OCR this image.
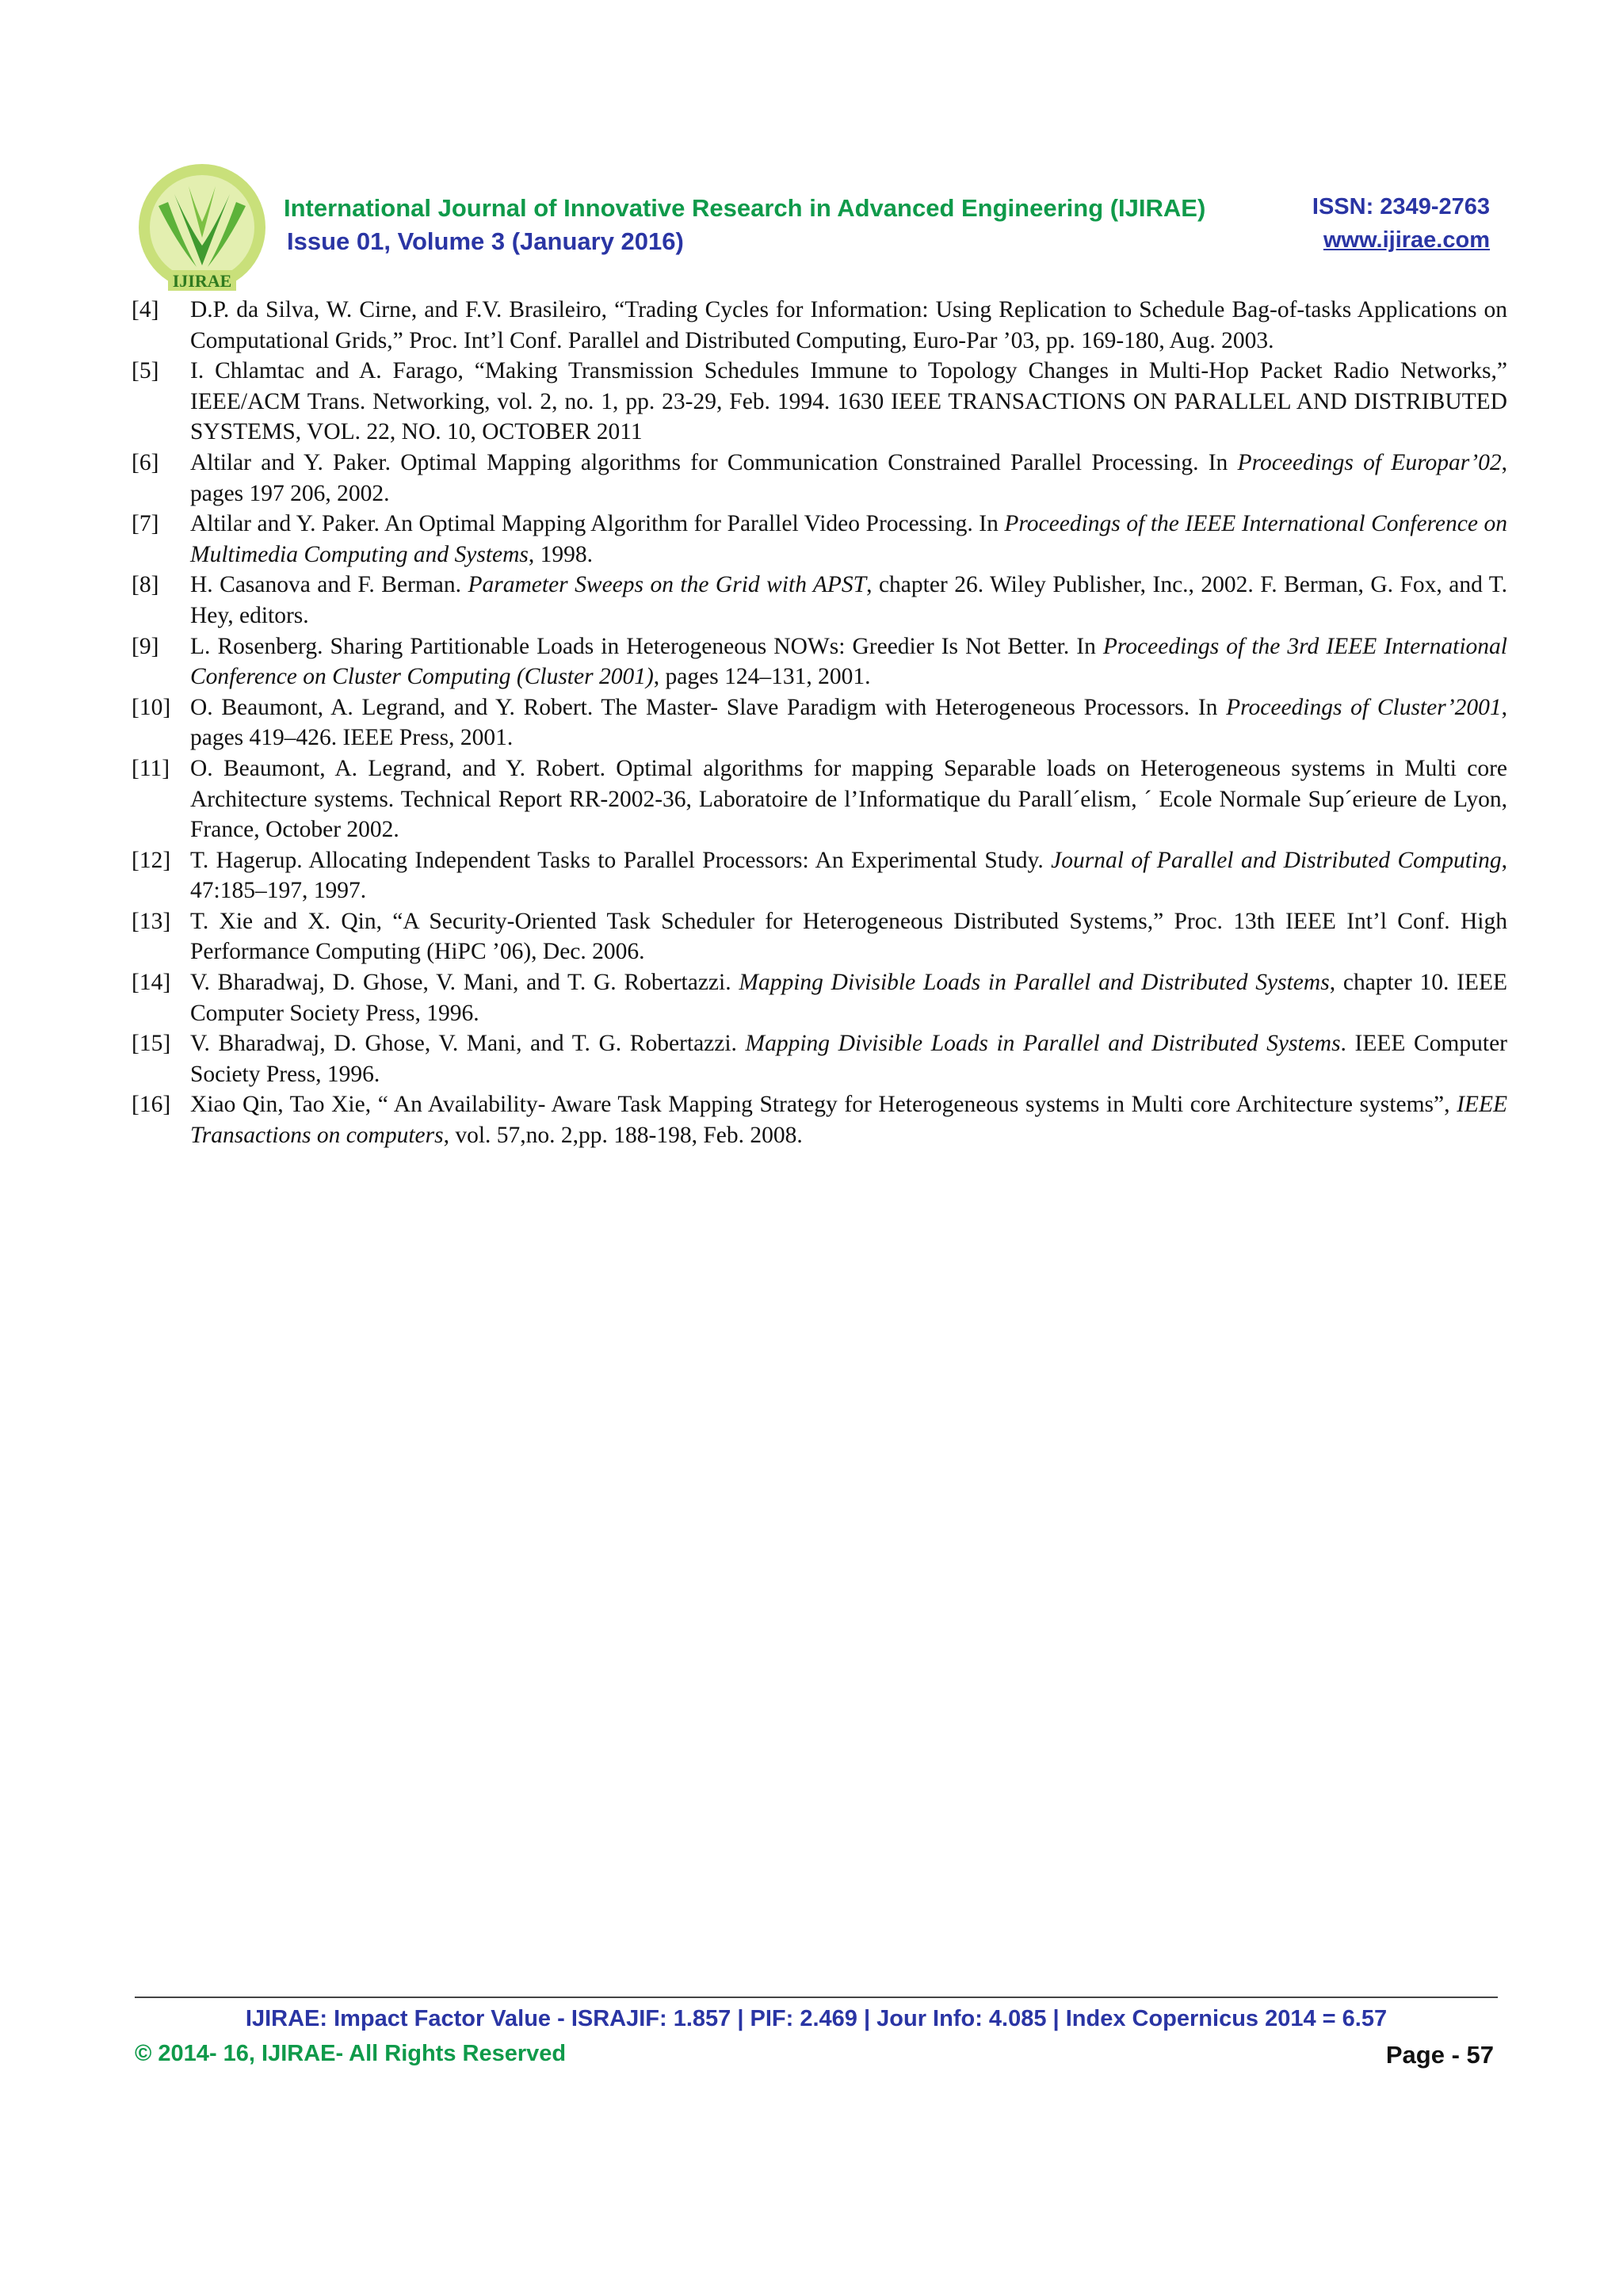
IJIRAE
International Journal of Innovative Research in Advanced Engineering (IJIRAE)
Issue 01, Volume 3 (January 2016)
ISSN: 2349-2763
www.ijirae.com
[4]	D.P. da Silva, W. Cirne, and F.V. Brasileiro, “Trading Cycles for Information: Using Replication to Schedule Bag-of-tasks Applications on Computational Grids,” Proc. Int’l Conf. Parallel and Distributed Computing, Euro-Par ’03, pp. 169-180, Aug. 2003.
[5]	I. Chlamtac and A. Farago, “Making Transmission Schedules Immune to Topology Changes in Multi-Hop Packet Radio Networks,” IEEE/ACM Trans. Networking, vol. 2, no. 1, pp. 23-29, Feb. 1994. 1630 IEEE TRANSACTIONS ON PARALLEL AND DISTRIBUTED SYSTEMS, VOL. 22, NO. 10, OCTOBER 2011
[6]	Altilar and Y. Paker. Optimal Mapping algorithms for Communication Constrained Parallel Processing. In Proceedings of Europar’02, pages 197 206, 2002.
[7]	Altilar and Y. Paker. An Optimal Mapping Algorithm for Parallel Video Processing. In Proceedings of the IEEE International Conference on Multimedia Computing and Systems, 1998.
[8]	H. Casanova and F. Berman. Parameter Sweeps on the Grid with APST, chapter 26. Wiley Publisher, Inc., 2002. F. Berman, G. Fox, and T. Hey, editors.
[9]	L. Rosenberg. Sharing Partitionable Loads in Heterogeneous NOWs: Greedier Is Not Better. In Proceedings of the 3rd IEEE International Conference on Cluster Computing (Cluster 2001), pages 124–131, 2001.
[10] O. Beaumont, A. Legrand, and Y. Robert. The Master- Slave Paradigm with Heterogeneous Processors. In Proceedings of Cluster’2001, pages 419–426. IEEE Press, 2001.
[11] O. Beaumont, A. Legrand, and Y. Robert. Optimal algorithms for mapping Separable loads on Heterogeneous systems in Multi core Architecture systems. Technical Report RR-2002-36, Laboratoire de l’Informatique du Parall´elism, ´ Ecole Normale Sup´erieure de Lyon, France, October 2002.
[12] T. Hagerup. Allocating Independent Tasks to Parallel Processors: An Experimental Study. Journal of Parallel and Distributed Computing, 47:185–197, 1997.
[13] T. Xie and X. Qin, “A Security-Oriented Task Scheduler for Heterogeneous Distributed Systems,” Proc. 13th IEEE Int’l Conf. High Performance Computing (HiPC ’06), Dec. 2006.
[14] V. Bharadwaj, D. Ghose, V. Mani, and T. G. Robertazzi. Mapping Divisible Loads in Parallel and Distributed Systems, chapter 10. IEEE Computer Society Press, 1996.
[15] V. Bharadwaj, D. Ghose, V. Mani, and T. G. Robertazzi. Mapping Divisible Loads in Parallel and Distributed Systems. IEEE Computer Society Press, 1996.
[16] Xiao Qin, Tao Xie, “ An Availability- Aware Task Mapping Strategy for Heterogeneous systems in Multi core Architecture systems”, IEEE Transactions on computers, vol. 57,no. 2,pp. 188-198, Feb. 2008.
IJIRAE: Impact Factor Value - ISRAJIF: 1.857 | PIF: 2.469 | Jour Info: 4.085 | Index Copernicus 2014 = 6.57
© 2014- 16, IJIRAE- All Rights Reserved	Page - 57
